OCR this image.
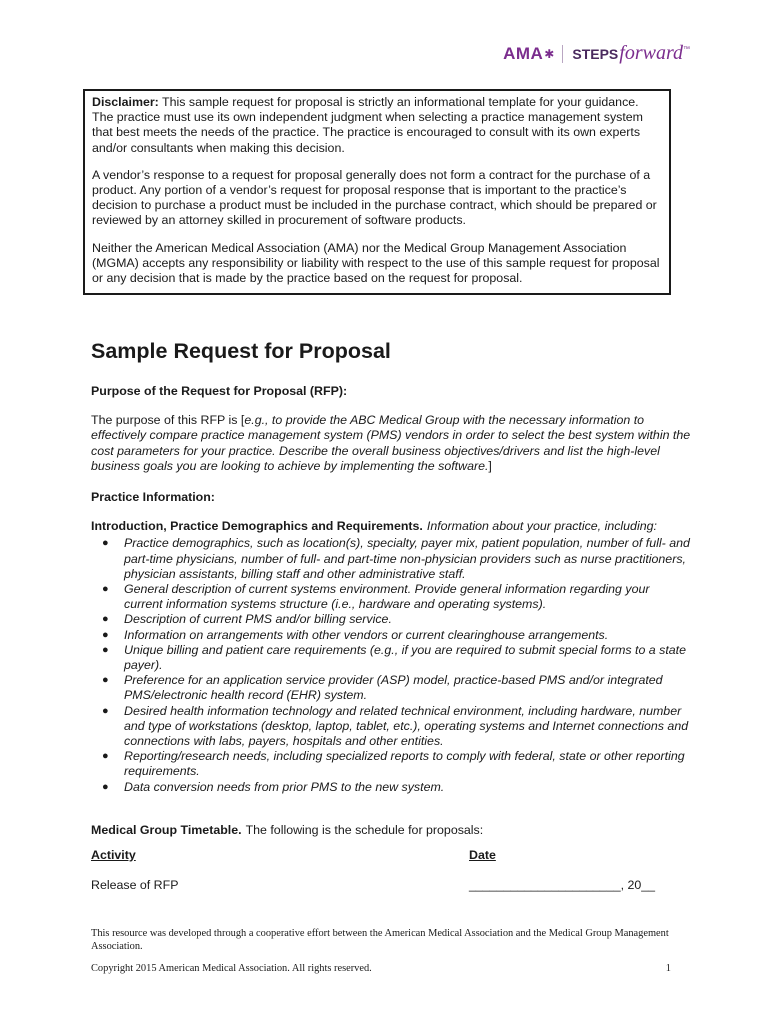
AMA ✱ STEPS forward ™

Disclaimer: This sample request for proposal is strictly an informational template for your guidance. The practice must use its own independent judgment when selecting a practice management system that best meets the needs of the practice. The practice is encouraged to consult with its own experts and/or consultants when making this decision.

A vendor’s response to a request for proposal generally does not form a contract for the purchase of a product. Any portion of a vendor’s request for proposal response that is important to the practice’s decision to purchase a product must be included in the purchase contract, which should be prepared or reviewed by an attorney skilled in procurement of software products.

Neither the American Medical Association (AMA) nor the Medical Group Management Association (MGMA) accepts any responsibility or liability with respect to the use of this sample request for proposal or any decision that is made by the practice based on the request for proposal.

Sample Request for Proposal

Purpose of the Request for Proposal (RFP):

The purpose of this RFP is [e.g., to provide the ABC Medical Group with the necessary information to effectively compare practice management system (PMS) vendors in order to select the best system within the cost parameters for your practice. Describe the overall business objectives/drivers and list the high-level business goals you are looking to achieve by implementing the software.]

Practice Information:

Introduction, Practice Demographics and Requirements. Information about your practice, including:

● Practice demographics, such as location(s), specialty, payer mix, patient population, number of full- and part-time physicians, number of full- and part-time non-physician providers such as nurse practitioners, physician assistants, billing staff and other administrative staff.
● General description of current systems environment. Provide general information regarding your current information systems structure (i.e., hardware and operating systems).
● Description of current PMS and/or billing service.
● Information on arrangements with other vendors or current clearinghouse arrangements.
● Unique billing and patient care requirements (e.g., if you are required to submit special forms to a state payer).
● Preference for an application service provider (ASP) model, practice-based PMS and/or integrated PMS/electronic health record (EHR) system.
● Desired health information technology and related technical environment, including hardware, number and type of workstations (desktop, laptop, tablet, etc.), operating systems and Internet connections and connections with labs, payers, hospitals and other entities.
● Reporting/research needs, including specialized reports to comply with federal, state or other reporting requirements.
● Data conversion needs from prior PMS to the new system.

Medical Group Timetable. The following is the schedule for proposals:

Activity	Date
Release of RFP	______________________, 20__
This resource was developed through a cooperative effort between the American Medical Association and the Medical Group Management Association.
Copyright 2015 American Medical Association. All rights reserved.	1
